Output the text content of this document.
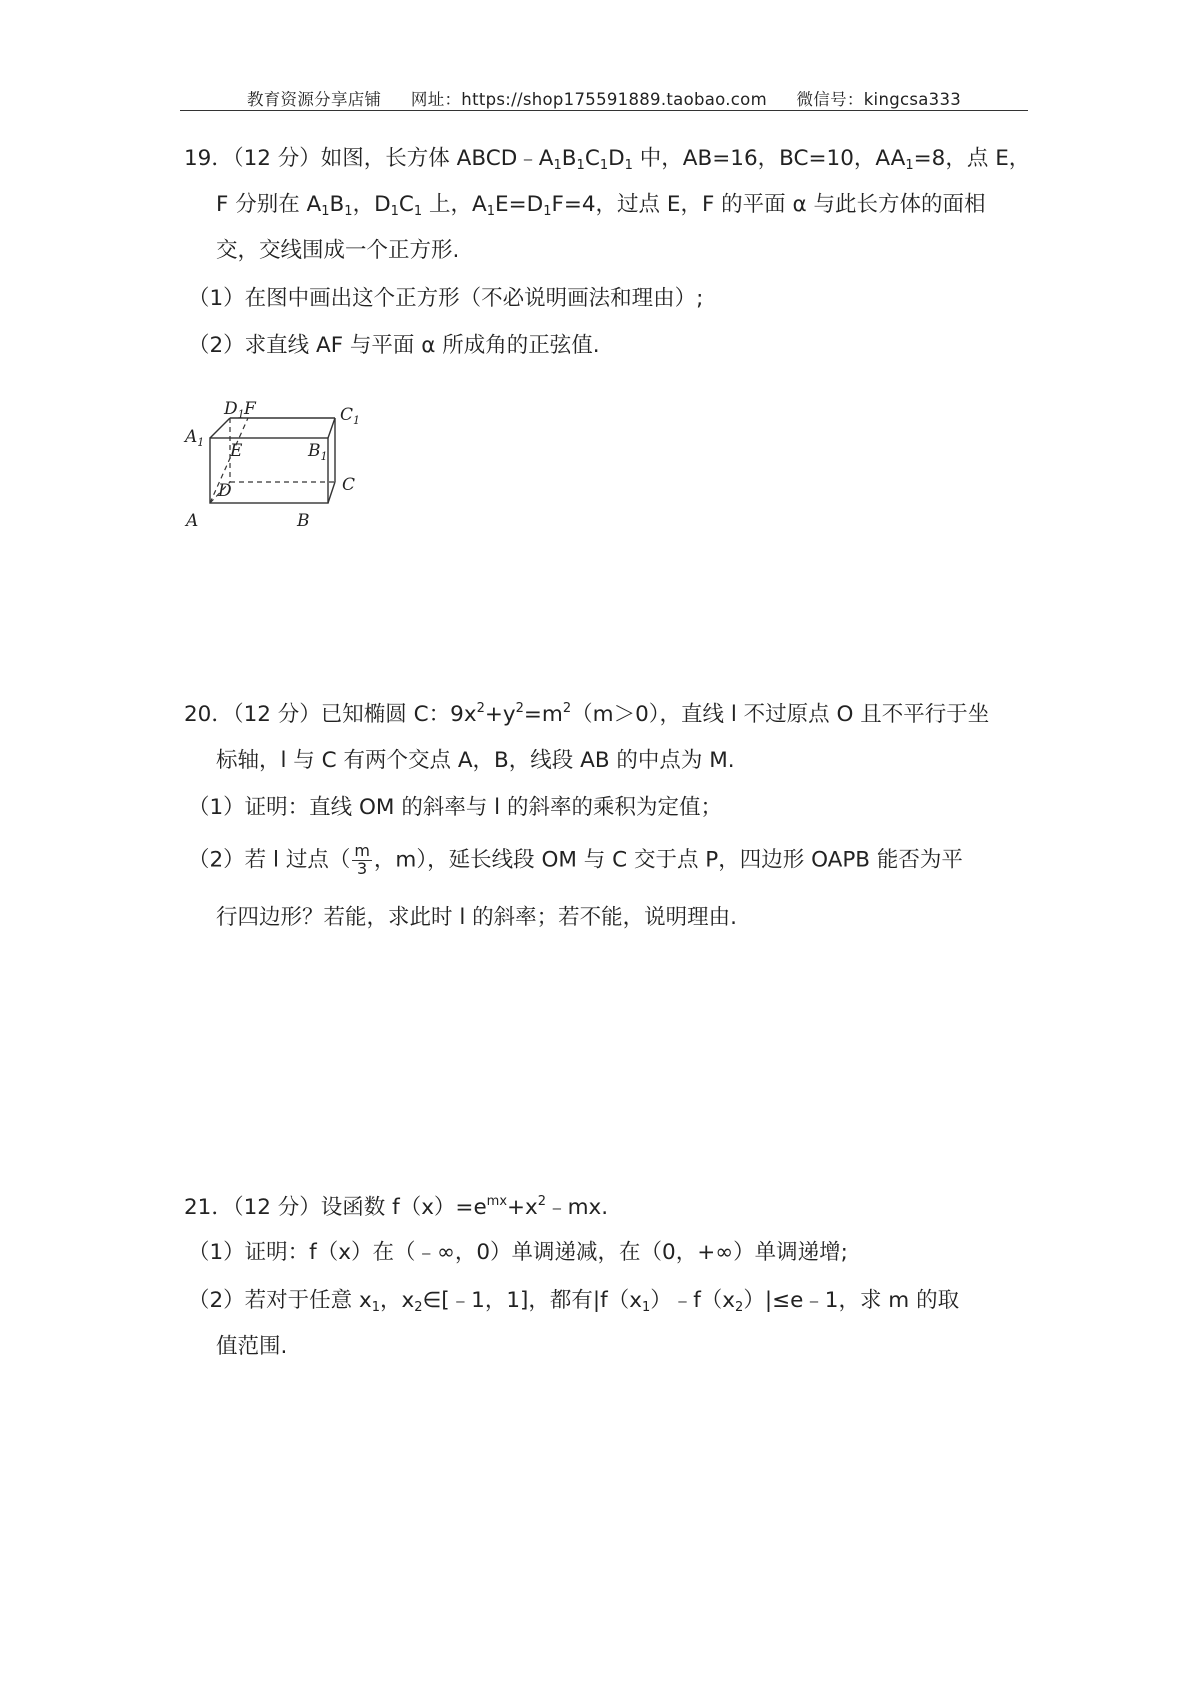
教育资源分享店铺 网址：https://shop175591889.taobao.com 微信号：kingcsa333
19．（12 分）如图，长方体 $ABCD﹣A_1B_1C_1D_1$ 中，AB=16，BC=10，$AA_1=8$，点 E，
F 分别在 $A_1B_1$，$D_1C_1$ 上，$A_1E=D_1F=4$，过点 E，F 的平面 α 与此长方体的面相
交，交线围成一个正方形.
（1）在图中画出这个正方形（不必说明画法和理由）;
（2）求直线 AF 与平面 α 所成角的正弦值.
$D_1$ F	$C_1$
$A_1$ E	$B_1$
C
D
A	B
20．（12 分）已知椭圆 C：$9x^2+y^2=m^2(m>0)$，直线 l 不过原点 O 且不平行于坐
标轴，l 与 C 有两个交点 A，B，线段 AB 的中点为 M.
（1）证明：直线 OM 的斜率与 l 的斜率的乘积为定值；
（2）若 l 过点（ $\frac{m}{3}$ ，m），延长线段 OM 与 C 交于点 P，四边形 OAPB 能否为平
行四边形？若能，求此时 l 的斜率；若不能，说明理由.
21．（12 分）设函数 $f(x)=e^{mx}+x^2﹣mx$.
（1）证明：f（x）在（﹣∞，0）单调递减，在（0，+∞）单调递增;
（2）若对于任意 $x_1$，$x_2\in[﹣1$，1]，都有$|f(x_1)﹣f(x_2)|\le e﹣1$，求 m 的取
值范围.
